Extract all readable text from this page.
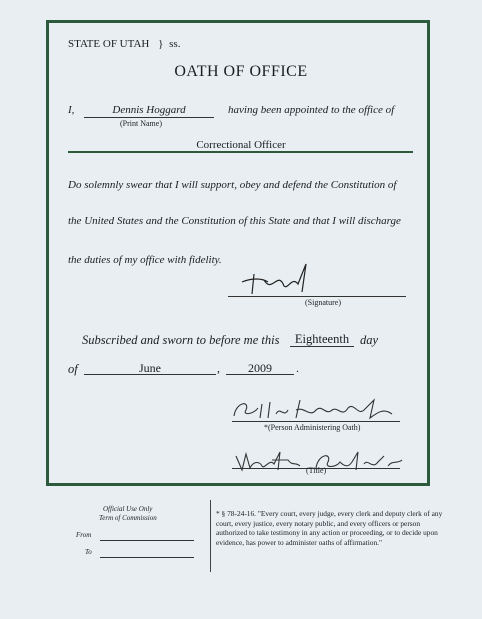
STATE OF UTAH } ss.
OATH OF OFFICE
I,	Dennis Hoggard
(Print Name)
having been appointed to the office of
Correctional Officer
Do solemnly swear that I will support, obey and defend the Constitution of
the United States and the Constitution of this State and that I will discharge
the duties of my office with fidelity.
(Signature)
Subscribed and sworn to before me this	Eighteenth day
of	June	,	2009	.
*(Person Administering Oath)
(Title)
Official Use Only
Term of Commission
From
To
* § 78-24-16. "Every court, every judge, every clerk and deputy clerk of any court, every justice, every notary public, and every officers or person authorized to take testimony in any action or proceeding, or to decide upon evidence, has power to administer oaths of affirmation."
